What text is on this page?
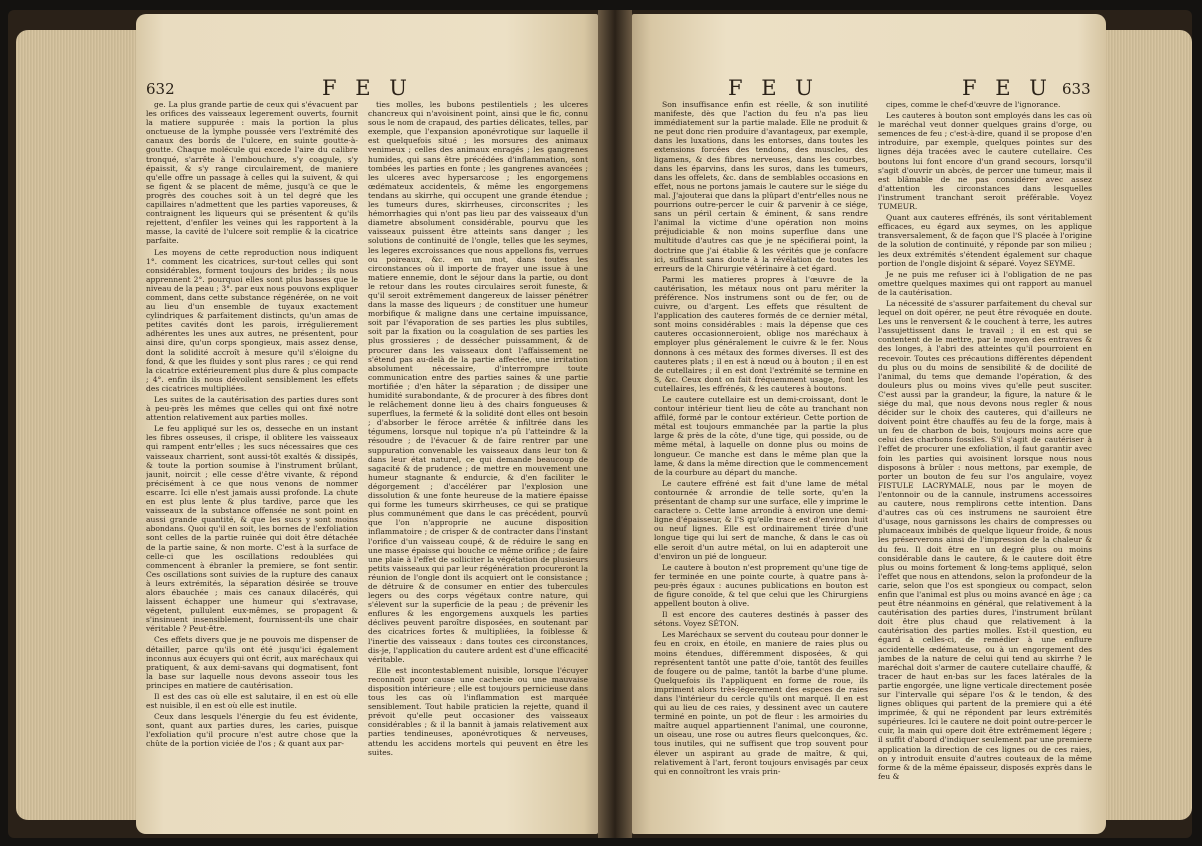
632	F E U

ge. La plus grande partie de ceux qui s'évacuent par les orifices des vaisseaux legerement ouverts, fournit la matiere suppurée : mais la portion la plus onctueuse de la lymphe poussée vers l'extrémité des canaux des bords de l'ulcere, en suinte goutte-à-goutte. Chaque molécule qui excede l'aire du calibre tronqué, s'arrête à l'embouchure, s'y coagule, s'y épaissit, & s'y range circulairement, de maniere qu'elle offre un passage à celles qui la suivent, & qui se figent & se placent de même, jusqu'à ce que le progrès des couches soit à un tel degré que les capillaires n'admettent que les parties vaporeuses, & contraignent les liqueurs qui se présentent & qu'ils rejettent, d'enfiler les veines qui les rapportent à la masse, la cavité de l'ulcere soit remplie & la cicatrice parfaite.

Les moyens de cette reproduction nous indiquent 1°. comment les cicatrices, sur-tout celles qui sont considérables, forment toujours des brides ; ils nous apprennent 2°. pourquoi elles sont plus basses que le niveau de la peau ; 3°. par eux nous pouvons expliquer comment, dans cette substance régénérée, on ne voit au lieu d'un ensemble de tuyaux exactement cylindriques & parfaitement distincts, qu'un amas de petites cavités dont les parois, irrégulierement adhérentes les unes aux autres, ne présentent, pour ainsi dire, qu'un corps spongieux, mais assez dense, dont la solidité accroît à mesure qu'il s'éloigne du fond, & que les fluides y sont plus rares ; ce qui rend la cicatrice extérieurement plus dure & plus compacte ; 4°. enfin ils nous dévoilent sensiblement les effets des cicatrices multipliées.

Les suites de la cautérisation des parties dures sont à peu-près les mêmes que celles qui ont fixé notre attention relativement aux parties molles.

Le feu appliqué sur les os, desseche en un instant les fibres osseuses, il crispe, il oblitere les vaisseaux qui rampent entr'elles ; les sucs nécessaires que ces vaisseaux charrient, sont aussi-tôt exaltés & dissipés, & toute la portion soumise à l'instrument brûlant, jaunit, noircit ; elle cesse d'être vivante, & répond précisément à ce que nous venons de nommer escarre. Ici elle n'est jamais aussi profonde. La chute en est plus lente & plus tardive, parce que les vaisseaux de la substance offensée ne sont point en aussi grande quantité, & que les sucs y sont moins abondans. Quoi qu'il en soit, les bornes de l'exfoliation sont celles de la partie ruinée qui doit être détachée de la partie saine, & non morte. C'est à la surface de celle-ci que les oscillations redoublées qui commencent à ébranler la premiere, se font sentir. Ces oscillations sont suivies de la rupture des canaux à leurs extrémités, la séparation désirée se trouve alors ébauchée ; mais ces canaux dilacérés, qui laissent échapper une humeur qui s'extravase, végetent, pullulent eux-mêmes, se propagent & s'insinuent insensiblement, fournissent-ils une chair véritable ? Peut-être.

Ces effets divers que je ne pouvois me dispenser de détailler, parce qu'ils ont été jusqu'ici également inconnus aux écuyers qui ont écrit, aux maréchaux qui pratiquent, & aux demi-savans qui dogmatisent, font la base sur laquelle nous devons asseoir tous les principes en matiere de cautérisation.

Il est des cas où elle est salutaire, il en est où elle est nuisible, il en est où elle est inutile.

Ceux dans lesquels l'énergie du feu est évidente, sont, quant aux parties dures, les caries, puisque l'exfoliation qu'il procure n'est autre chose que la chûte de la portion viciée de l'os ; & quant aux par-

ties molles, les bubons pestilentiels ; les ulceres chancreux qui n'avoisinent point, ainsi que le fic, connu sous le nom de crapaud, des parties délicates, telles, par exemple, que l'expansion aponévrotique sur laquelle il est quelquefois situé ; les morsures des animaux venimeux ; celles des animaux enragés ; les gangrenes humides, qui sans être précédées d'inflammation, sont tombées les parties en fonte ; les gangrenes avancées ; les ulceres avec hypersarcose ; les engorgemens œdémateux accidentels, & même les engorgemens tendans au skirrhe, qui occupent une grande étendue ; les tumeurs dures, skirrheuses, circonscrites ; les hémorrhagies qui n'ont pas lieu par des vaisseaux d'un diametre absolument considérable, pourvu que les vaisseaux puissent être atteints sans danger ; les solutions de continuité de l'ongle, telles que les seymes, les legeres excroissances que nous appellons fis, verrues ou poireaux, &c. en un mot, dans toutes les circonstances où il importe de frayer une issue à une matiere ennemie, dont le séjour dans la partie, ou dont le retour dans les routes circulaires seroit funeste, & qu'il seroit extrêmement dangereux de laisser pénétrer dans la masse des liqueurs ; de constituer une humeur morbifique & maligne dans une certaine impuissance, soit par l'évaporation de ses parties les plus subtiles, soit par la fixation ou la coagulation de ses parties les plus grossieres ; de dessécher puissamment, & de procurer dans les vaisseaux dont l'affaissement ne s'étend pas au-delà de la partie affectée, une irritation absolument nécessaire, d'interrompre toute communication entre des parties saines & une partie mortifiée ; d'en hâter la séparation ; de dissiper une humidité surabondante, & de procurer à des fibres dont le relâchement donne lieu à des chairs fongueuses & superflues, la fermeté & la solidité dont elles ont besoin ; d'absorber le féroce arrêtée & infiltrée dans les tégumens, lorsque nul topique n'a pû l'atteindre & la résoudre ; de l'évacuer & de faire rentrer par une suppuration convenable les vaisseaux dans leur ton & dans leur état naturel, ce qui demande beaucoup de sagacité & de prudence ; de mettre en mouvement une humeur stagnante & endurcie, & d'en faciliter le dégorgement ; d'accélérer par l'explosion une dissolution & une fonte heureuse de la matiere épaisse qui forme les tumeurs skirrheuses, ce qui se pratique plus communément que dans le cas précédent, pourvû que l'on n'approprie ne aucune disposition inflammatoire ; de crisper & de contracter dans l'instant l'orifice d'un vaisseau coupé, & de réduire le sang en une masse épaisse qui bouche ce même orifice ; de faire une plaie à l'effet de solliciter la végétation de plusieurs petits vaisseaux qui par leur régénération procureront la réunion de l'ongle dont ils acquiert ont le consistance ; de détruire & de consumer en entier des tubercules legers ou des corps végétaux contre nature, qui s'élevent sur la superficie de la peau ; de prévenir les enflures & les engorgemens auxquels les parties déclives peuvent paroître disposées, en soutenant par des cicatrices fortes & multipliées, la foiblesse & l'inertie des vaisseaux : dans toutes ces circonstances, dis-je, l'application du cautere ardent est d'une efficacité véritable.

Elle est incontestablement nuisible, lorsque l'écuyer reconnoît pour cause une cachexie ou une mauvaise disposition intérieure ; elle est toujours pernicieuse dans tous les cas où l'inflammation est marquée sensiblement. Tout habile praticien la rejette, quand il prévoit qu'elle peut occasioner des vaisseaux considérables ; & il la bannit à jamais relativement aux parties tendineuses, aponévrotiques & nerveuses, attendu les accidens mortels qui peuvent en être les suites.

F E U	F E U 633

Son insuffisance enfin est réelle, & son inutilité manifeste, dès que l'action du feu n'a pas lieu immédiatement sur la partie malade. Elle ne produit & ne peut donc rien produire d'avantageux, par exemple, dans les luxations, dans les entorses, dans toutes les extensions forcées des tendons, des muscles, des ligamens, & des fibres nerveuses, dans les courbes, dans les éparvins, dans les suros, dans les tumeurs, dans les offelets, &c. dans de semblables occasions en effet, nous ne portons jamais le cautere sur le siége du mal. J'ajouterai que dans la plûpart d'entr'elles nous ne pourrions outre-percer le cuir & parvenir à ce siége, sans un péril certain & éminent, & sans rendre l'animal la victime d'une opération non moins préjudiciable & non moins superflue dans une multitude d'autres cas que je ne spécifierai point, la doctrine que j'ai établie & les vérités que je confacre ici, suffisant sans doute à la révélation de toutes les erreurs de la Chirurgie vétérinaire à cet égard.

Parmi les matieres propres à l'œuvre de la cautérisation, les métaux nous ont paru mériter la préférence. Nos instrumens sont ou de fer, ou de cuivre, ou d'argent. Les effets que résultent de l'application des cauteres formés de ce dernier métal, sont moins considérables : mais la dépense que ces cauteres occasionneroient, oblige nos maréchaux à employer plus généralement le cuivre & le fer. Nous donnons à ces métaux des formes diverses. Il est des cauteres plats ; il en est à nœud ou à bouton ; il en est de cutellaires ; il en est dont l'extrémité se termine en S, &c. Ceux dont on fait fréquemment usage, font les cutellaires, les effrénés, & les cauteres à boutons.

Le cautere cutellaire est un demi-croissant, dont le contour intérieur tient lieu de côte au tranchant non affilé, formé par le contour extérieur. Cette portion de métal est toujours emmanchée par la partie la plus large & près de la côte, d'une tige, qui posside, ou de même métal, à laquelle on donne plus ou moins de longueur. Ce manche est dans le même plan que la lame, & dans la même direction que le commencement de la courbure au départ du manche.

Le cautere effréné est fait d'une lame de métal contournée & arrondie de telle sorte, qu'en la présentant de champ sur une surface, elle y imprime le caractere ↄ. Cette lame arrondie à environ une demi-ligne d'épaisseur, & l'S qu'elle trace est d'environ huit ou neuf lignes. Elle est ordinairement tirée d'une longue tige qui lui sert de manche, & dans le cas où elle seroit d'un autre métal, on lui en adapteroit une d'environ un pié de longueur.

Le cautere à bouton n'est proprement qu'une tige de fer terminée en une pointe courte, à quatre pans à-peu-près égaux : aucunes publications en bouton est de figure conoïde, & tel que celui que les Chirurgiens appellent bouton à olive.

Il est encore des cauteres destinés à passer des sétons. Voyez SÉTON.

Les Maréchaux se servent du couteau pour donner le feu en croix, en étoile, en maniere de raies plus ou moins étendues, différemment disposées, & qui représentent tantôt une patte d'oie, tantôt des feuilles de fougere ou de palme, tantôt la barbe d'une plume. Quelquefois ils l'appliquent en forme de roue, ils impriment alors très-légerement des especes de raies dans l'intérieur du cercle qu'ils ont marqué. Il en est qui au lieu de ces raies, y dessinent avec un cautere terminé en pointe, un pot de fleur : les armoiries du maître auquel appartiennent l'animal, une couronne, un oiseau, une rose ou autres fleurs quelconques, &c. tous inutiles, qui ne suffisent que trop souvent pour élever un aspirant au grade de maître, & qui, relativement à l'art, feront toujours envisagés par ceux qui en connoîtront les vrais prin-

cipes, comme le chef-d'œuvre de l'ignorance.

Les cauteres à bouton sont employés dans les cas où le maréchal veut donner quelques grains d'orge, ou semences de feu ; c'est-à-dire, quand il se propose d'en introduire, par exemple, quelques pointes sur des lignes déja tracées avec le cautere cutellaire. Ces boutons lui font encore d'un grand secours, lorsqu'il s'agit d'ouvrir un abcès, de percer une tumeur, mais il est blâmable de ne pas considérer avec assez d'attention les circonstances dans lesquelles l'instrument tranchant seroit préférable. Voyez TUMEUR.

Quant aux cauteres effrénés, ils sont véritablement efficaces, eu égard aux seymes, on les applique transversalement, & de façon que l'S placée à l'origine de la solution de continuité, y réponde par son milieu ; les deux extrémités s'étendent également sur chaque portion de l'ongle disjoint & séparé. Voyez SEYME.

Je ne puis me refuser ici à l'obligation de ne pas omettre quelques maximes qui ont rapport au manuel de la cautérisation.

La nécessité de s'assurer parfaitement du cheval sur lequel on doit opérer, ne peut être révoquée en doute. Les uns le renversent & le couchent à terre, les autres l'assujettissent dans le travail ; il en est qui se contentent de le mettre, par le moyen des entraves & des longes, à l'abri des atteintes qu'il pourroient en recevoir. Toutes ces précautions différentes dépendent du plus ou du moins de sensibilité & de docilité de l'animal, du tems que demande l'opération, & des douleurs plus ou moins vives qu'elle peut susciter. C'est aussi par la grandeur, la figure, la nature & le siége du mal, que nous devons nous regler & nous décider sur le choix des cauteres, qui d'ailleurs ne doivent point être chauffés au feu de la forge, mais à un feu de charbon de bois, toujours moins acre que celui des charbons fossiles. S'il s'agit de cautériser à l'effet de procurer une exfoliation, il faut garantir avec foin les parties qui avoisinent lorsque nous nous disposons à brûler : nous mettons, par exemple, de porter un bouton de feu sur l'os angulaire, voyez FISTULE LACRYMALE, nous par le moyen de l'entonnoir ou de la cannule, instrumens accessoires au cautere, nous remplirons cette intention. Dans d'autres cas où ces instrumens ne sauroient être d'usage, nous garnissons les chairs de compresses ou plumaceaux imbibés de quelque liqueur froide, & nous les préserverons ainsi de l'impression de la chaleur & du feu. Il doit être en un degré plus ou moins considérable dans le cautere, & le cautere doit être plus ou moins fortement & long-tems appliqué, selon l'effet que nous en attendons, selon la profondeur de la carie, selon que l'os est spongieux ou compact, selon enfin que l'animal est plus ou moins avancé en âge ; ca peut être néanmoins en général, que relativement à la cautérisation des parties dures, l'instrument brûlant doit être plus chaud que relativement à la cautérisation des parties molles. Est-il question, eu égard à celles-ci, de remédier à une enflure accidentelle œdémateuse, ou à un engorgement des jambes de la nature de celui qui tend au skirrhe ? le maréchal doit s'armer de cautere cutellaire chauffé, & tracer de haut en-bas sur les faces latérales de la partie engorgée, une ligne verticale directement posée sur l'intervalle qui sépare l'os & le tendon, & des lignes obliques qui partent de la premiere qui a été imprimée, & qui ne répondent par leurs extrémités supérieures. Ici le cautere ne doit point outre-percer le cuir, la main qui opere doit être extrêmement légere ; il suffit d'abord d'indiquer seulement par une premiere application la direction de ces lignes ou de ces raies, on y introduit ensuite d'autres couteaux de la même forme & de la même épaisseur, disposés exprès dans le feu &
